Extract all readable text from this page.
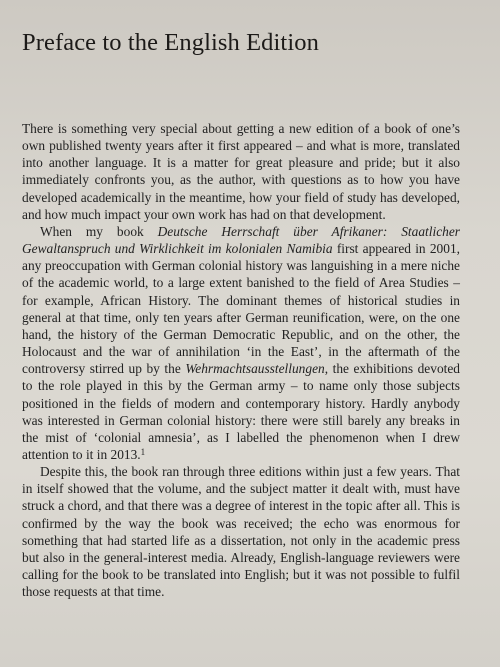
Preface to the English Edition

There is something very special about getting a new edition of a book of one’s own published twenty years after it first appeared – and what is more, translated into another language. It is a matter for great pleasure and pride; but it also immediately confronts you, as the author, with questions as to how you have developed academically in the meantime, how your field of study has developed, and how much impact your own work has had on that development.

When my book Deutsche Herrschaft über Afrikaner: Staatlicher Gewaltanspruch und Wirklichkeit im kolonialen Namibia first appeared in 2001, any preoccupation with German colonial history was languishing in a mere niche of the academic world, to a large extent banished to the field of Area Studies – for example, African History. The dominant themes of historical studies in general at that time, only ten years after German reunification, were, on the one hand, the history of the German Democratic Republic, and on the other, the Holocaust and the war of annihilation ‘in the East’, in the aftermath of the controversy stirred up by the Wehrmachtsausstellungen, the exhibitions devoted to the role played in this by the German army – to name only those subjects positioned in the fields of modern and contemporary history. Hardly anybody was interested in German colonial history: there were still barely any breaks in the mist of ‘colonial amnesia’, as I labelled the phenomenon when I drew attention to it in 2013.$^1$

Despite this, the book ran through three editions within just a few years. That in itself showed that the volume, and the subject matter it dealt with, must have struck a chord, and that there was a degree of interest in the topic after all. This is confirmed by the way the book was received; the echo was enormous for something that had started life as a dissertation, not only in the academic press but also in the general-interest media. Already, English-language reviewers were calling for the book to be translated into English; but it was not possible to fulfil those requests at that time.
